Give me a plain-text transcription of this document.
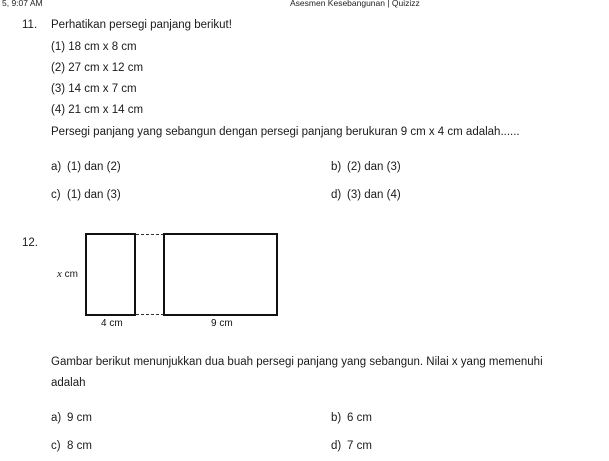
5, 9:07 AM	Asesmen Kesebangunan | Quizizz
11. Perhatikan persegi panjang berikut!
(1) 18 cm x 8 cm
(2) 27 cm x 12 cm
(3) 14 cm x 7 cm
(4) 21 cm x 14 cm
Persegi panjang yang sebangun dengan persegi panjang berukuran 9 cm x 4 cm adalah......
a) (1) dan (2)	b) (2) dan (3)
c) (1) dan (3)	d) (3) dan (4)
12.
x cm
4 cm	9 cm
Gambar berikut menunjukkan dua buah persegi panjang yang sebangun. Nilai x yang memenuhi
adalah
a) 9 cm	b) 6 cm
c) 8 cm	d) 7 cm
